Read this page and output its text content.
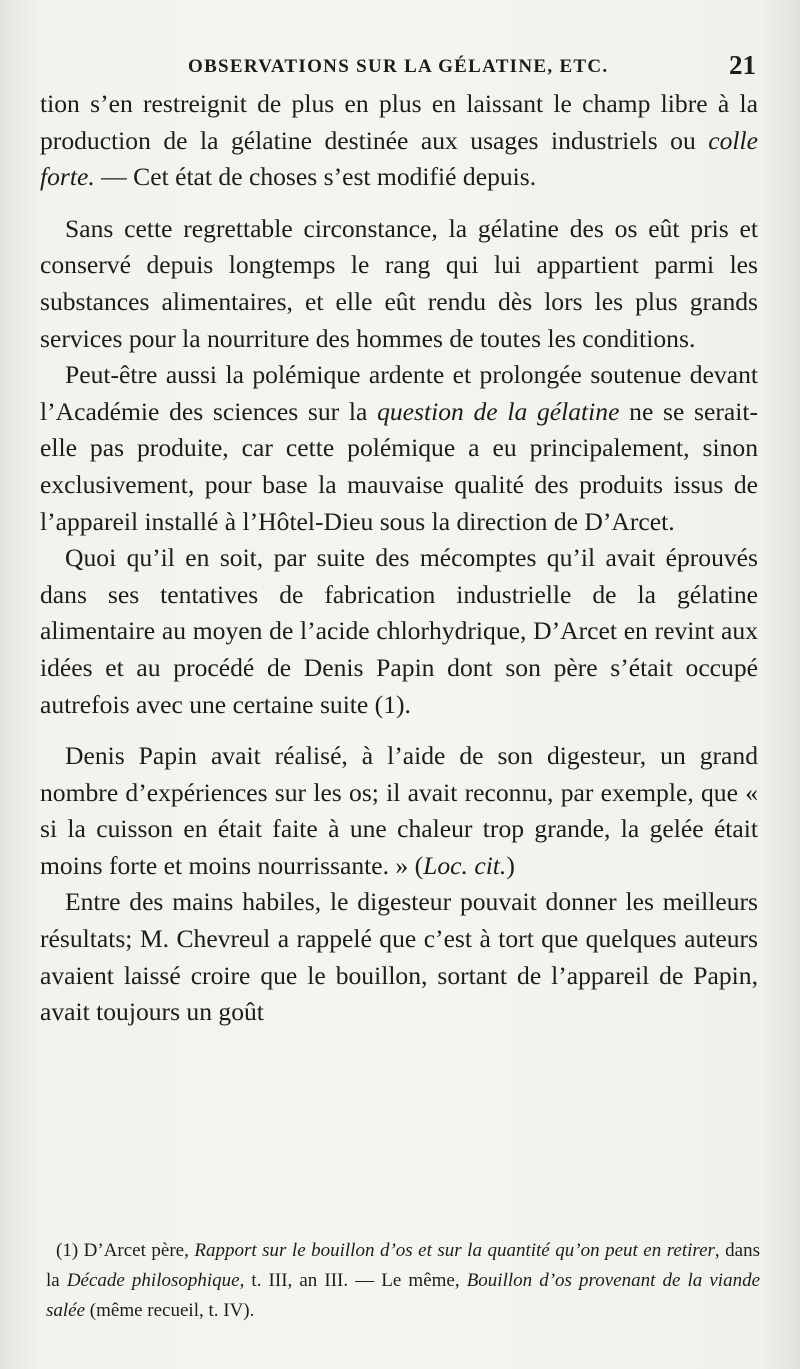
OBSERVATIONS SUR LA GÉLATINE, ETC.	21

tion s’en restreignit de plus en plus en laissant le champ libre à la production de la gélatine destinée aux usages industriels ou colle forte. — Cet état de choses s’est modifié depuis.

Sans cette regrettable circonstance, la gélatine des os eût pris et conservé depuis longtemps le rang qui lui appartient parmi les substances alimentaires, et elle eût rendu dès lors les plus grands services pour la nourriture des hommes de toutes les conditions.

Peut-être aussi la polémique ardente et prolongée soutenue devant l’Académie des sciences sur la question de la gélatine ne se serait-elle pas produite, car cette polémique a eu principalement, sinon exclusivement, pour base la mauvaise qualité des produits issus de l’appareil installé à l’Hôtel-Dieu sous la direction de D’Arcet.

Quoi qu’il en soit, par suite des mécomptes qu’il avait éprouvés dans ses tentatives de fabrication industrielle de la gélatine alimentaire au moyen de l’acide chlorhydrique, D’Arcet en revint aux idées et au procédé de Denis Papin dont son père s’était occupé autrefois avec une certaine suite (1).

Denis Papin avait réalisé, à l’aide de son digesteur, un grand nombre d’expériences sur les os; il avait reconnu, par exemple, que « si la cuisson en était faite à une chaleur trop grande, la gelée était moins forte et moins nourrissante. » (Loc. cit.)

Entre des mains habiles, le digesteur pouvait donner les meilleurs résultats; M. Chevreul a rappelé que c’est à tort que quelques auteurs avaient laissé croire que le bouillon, sortant de l’appareil de Papin, avait toujours un goût

(1) D’Arcet père, Rapport sur le bouillon d’os et sur la quantité qu’on peut en retirer, dans la Décade philosophique, t. III, an III. — Le même, Bouillon d’os provenant de la viande salée (même recueil, t. IV).
